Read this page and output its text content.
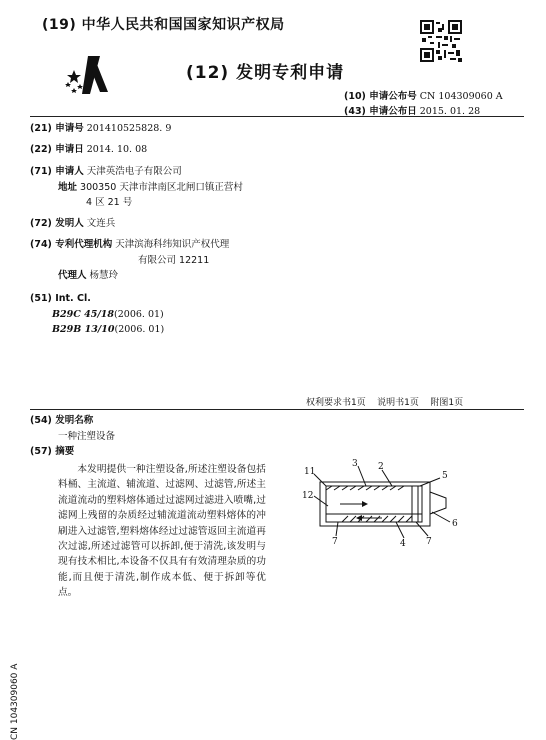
(19) 中华人民共和国国家知识产权局
(12) 发明专利申请
(10) 申请公布号 CN 104309060 A
(43) 申请公布日 2015. 01. 28
(21) 申请号 201410525828. 9
(22) 申请日 2014. 10. 08
(71) 申请人 天津英浩电子有限公司
地址 300350 天津市津南区北闸口镇正营村
4 区 21 号
(72) 发明人 文连兵
(74) 专利代理机构 天津滨海科纬知识产权代理
有限公司 12211
代理人 杨慧玲
(51) Int. Cl.
B29C 45/18(2006. 01)
B29B 13/10(2006. 01)
权利要求书1页    说明书1页    附图1页
(54) 发明名称
一种注塑设备
(57) 摘要

本发明提供一种注塑设备,所述注塑设备包括料桶、主流道、辅流道、过滤网、过滤管,所述主流道流动的塑料熔体通过过滤网过滤进入喷嘴,过滤网上残留的杂质经过辅流道流动塑料熔体的冲刷进入过滤管,塑料熔体经过过滤管返回主流道再次过滤,所述过滤管可以拆卸,便于清洗,该发明与现有技术相比,本设备不仅具有有效清理杂质的功能,而且便于清洗,制作成本低、便于拆卸等优点。

11
3 2
5
12
6
7	4 7
CN 104309060 A
